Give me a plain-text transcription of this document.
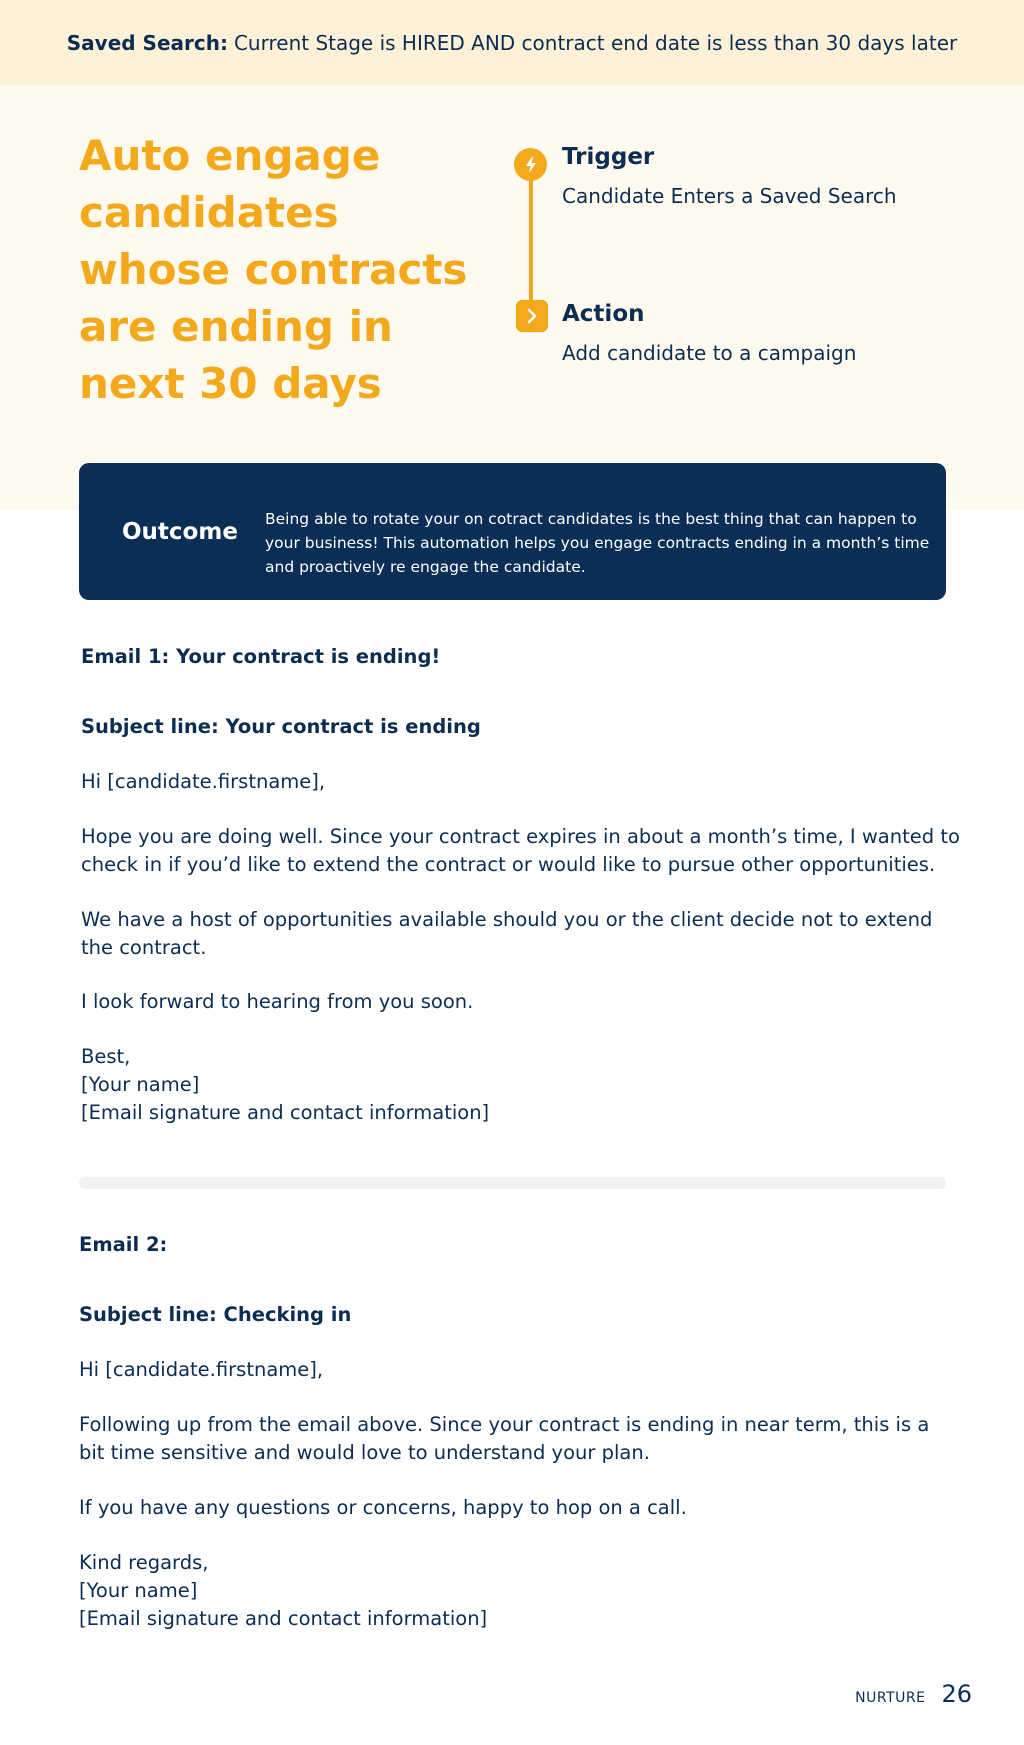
Saved Search: Current Stage is HIRED AND contract end date is less than 30 days later
Auto engage candidates whose contracts are ending in next 30 days
Trigger
Candidate Enters a Saved Search
Action
Add candidate to a campaign
Outcome Being able to rotate your on cotract candidates is the best thing that can happen to your business! This automation helps you engage contracts ending in a month’s time and proactively re engage the candidate.

Email 1: Your contract is ending!

Subject line: Your contract is ending

Hi [candidate.firstname],

Hope you are doing well. Since your contract expires in about a month’s time, I wanted to check in if you’d like to extend the contract or would like to pursue other opportunities.

We have a host of opportunities available should you or the client decide not to extend the contract.

I look forward to hearing from you soon.

Best,

[Your name]

[Email signature and contact information]

Email 2:

Subject line: Checking in

Hi [candidate.firstname],

Following up from the email above. Since your contract is ending in near term, this is a bit time sensitive and would love to understand your plan.

If you have any questions or concerns, happy to hop on a call.

Kind regards,

[Your name]

[Email signature and contact information]

NURTURE 26
